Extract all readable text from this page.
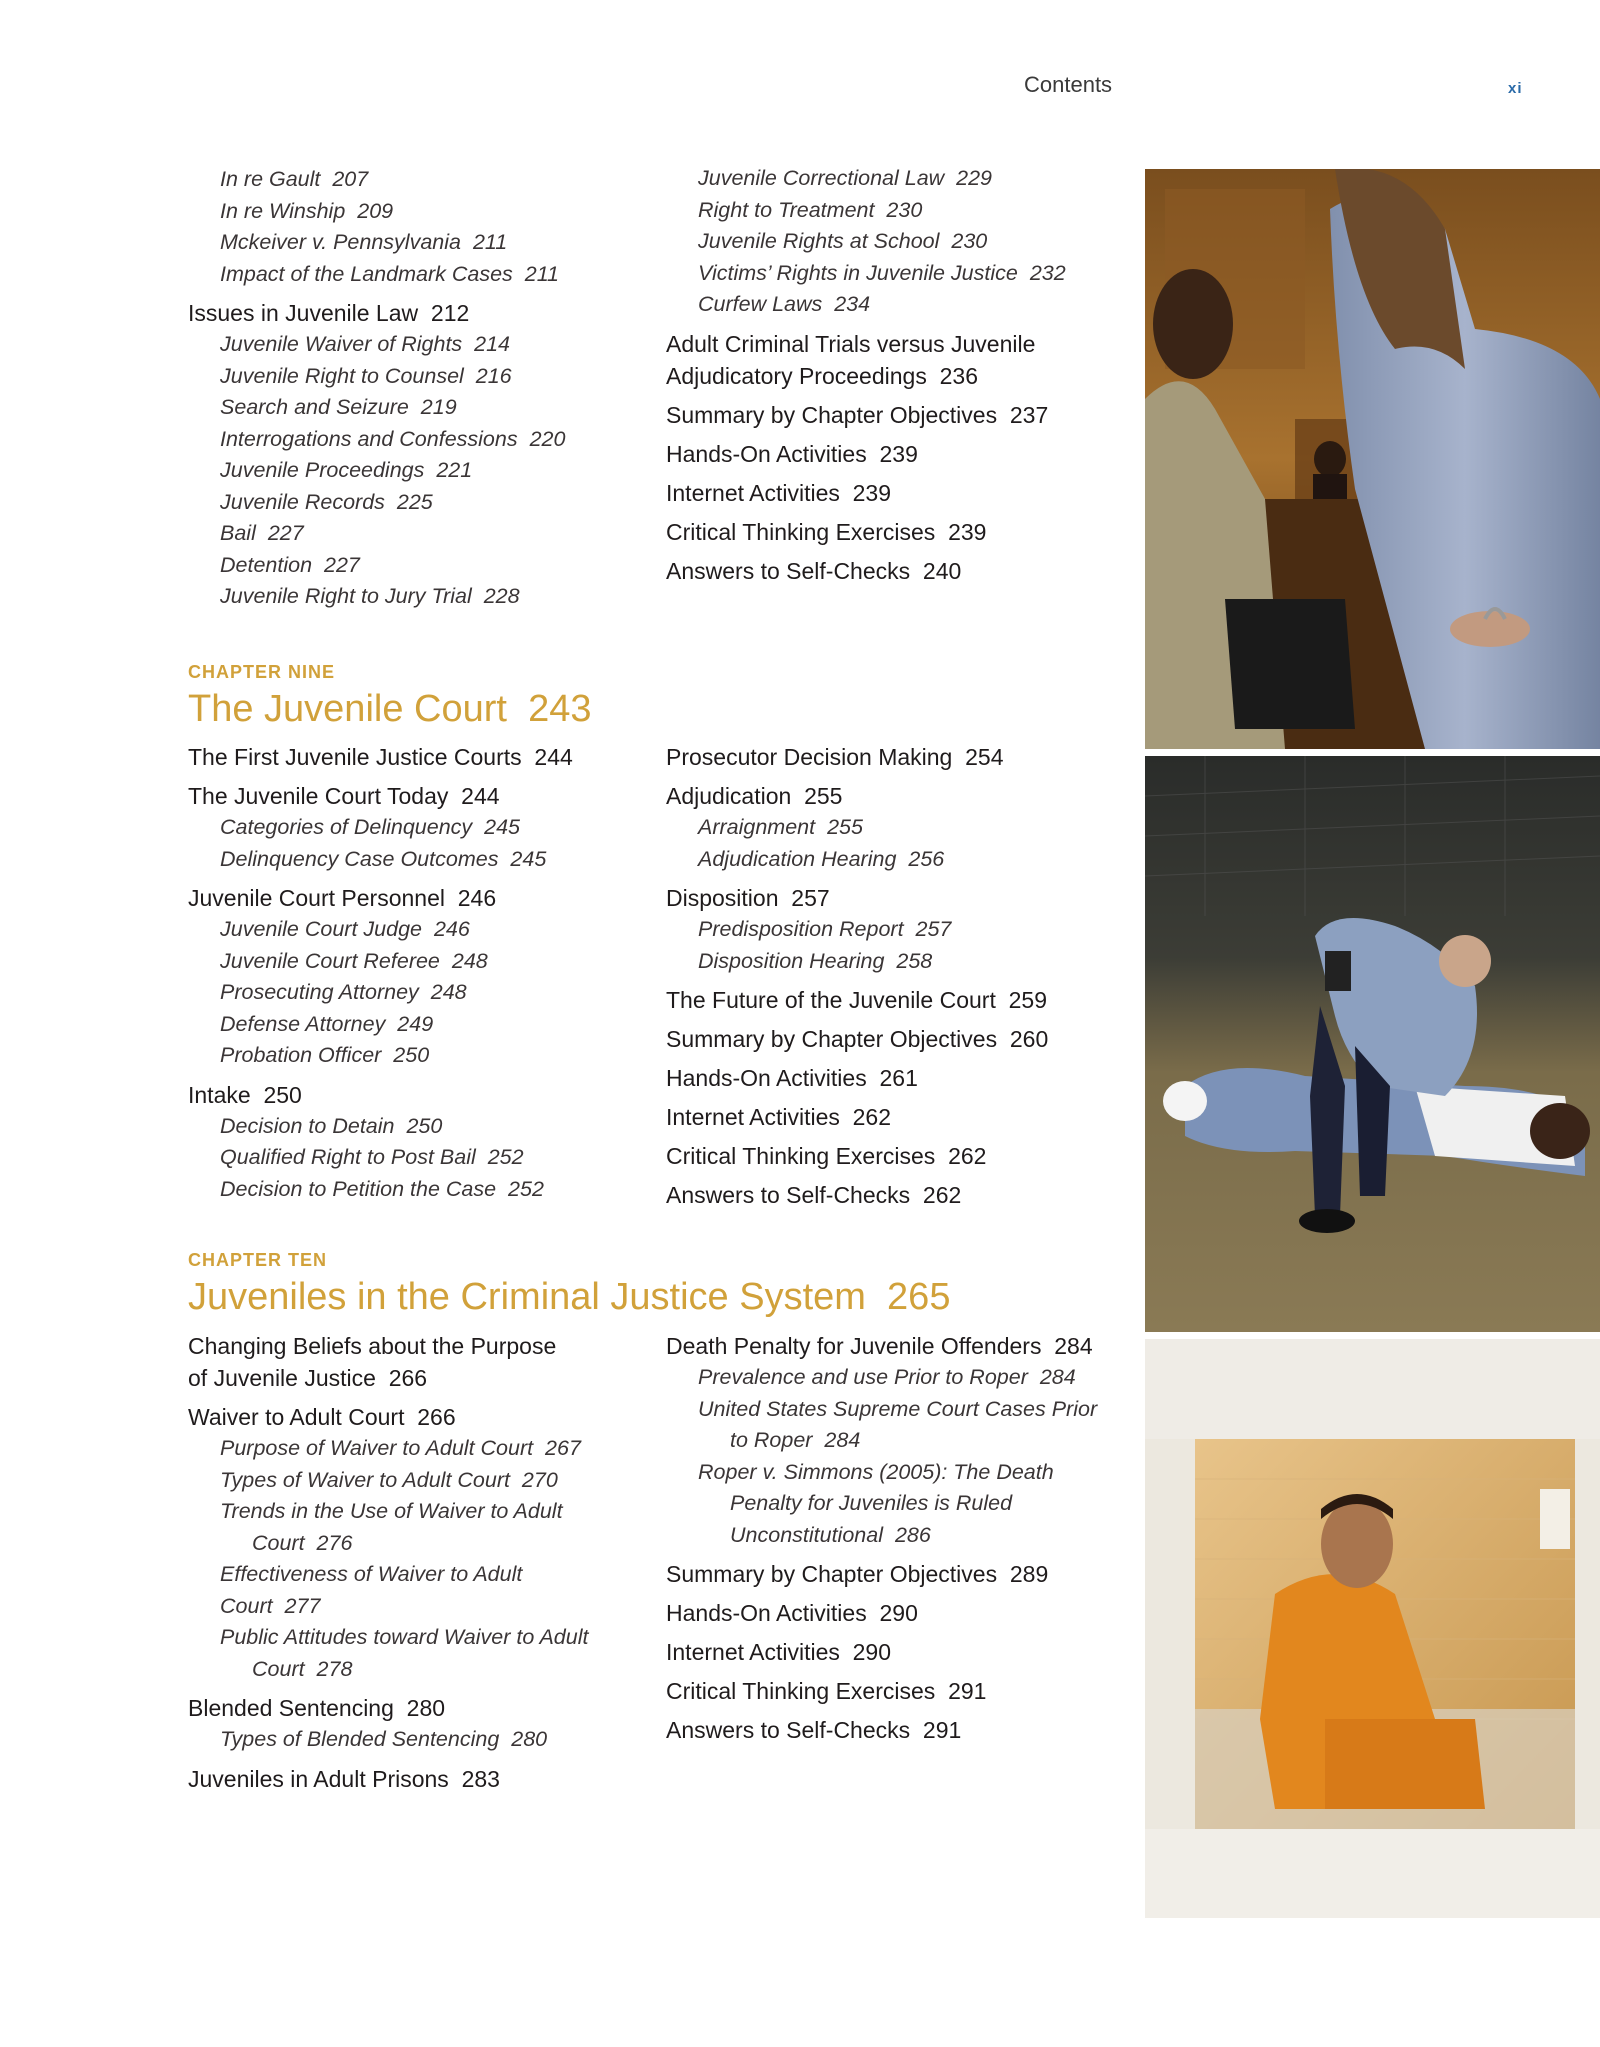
Contents	xi
In re Gault 207
In re Winship 209
Mckeiver v. Pennsylvania 211
Impact of the Landmark Cases 211
Issues in Juvenile Law 212
Juvenile Waiver of Rights 214
Juvenile Right to Counsel 216
Search and Seizure 219
Interrogations and Confessions 220
Juvenile Proceedings 221
Juvenile Records 225
Bail 227
Detention 227
Juvenile Right to Jury Trial 228
Juvenile Correctional Law 229
Right to Treatment 230
Juvenile Rights at School 230
Victims’ Rights in Juvenile Justice 232
Curfew Laws 234
Adult Criminal Trials versus Juvenile
Adjudicatory Proceedings 236
Summary by Chapter Objectives 237
Hands-On Activities 239
Internet Activities 239
Critical Thinking Exercises 239
Answers to Self-Checks 240
CHAPTER NINE
The Juvenile Court 243
The First Juvenile Justice Courts 244
The Juvenile Court Today 244
Categories of Delinquency 245
Delinquency Case Outcomes 245
Juvenile Court Personnel 246
Juvenile Court Judge 246
Juvenile Court Referee 248
Prosecuting Attorney 248
Defense Attorney 249
Probation Officer 250
Intake 250
Decision to Detain 250
Qualified Right to Post Bail 252
Decision to Petition the Case 252
Prosecutor Decision Making 254
Adjudication 255
Arraignment 255
Adjudication Hearing 256
Disposition 257
Predisposition Report 257
Disposition Hearing 258
The Future of the Juvenile Court 259
Summary by Chapter Objectives 260
Hands-On Activities 261
Internet Activities 262
Critical Thinking Exercises 262
Answers to Self-Checks 262
CHAPTER TEN
Juveniles in the Criminal Justice System 265
Changing Beliefs about the Purpose
of Juvenile Justice 266
Waiver to Adult Court 266
Purpose of Waiver to Adult Court 267
Types of Waiver to Adult Court 270
Trends in the Use of Waiver to Adult
Court 276
Effectiveness of Waiver to Adult Court 277
Public Attitudes toward Waiver to Adult
Court 278
Blended Sentencing 280
Types of Blended Sentencing 280
Juveniles in Adult Prisons 283
Death Penalty for Juvenile Offenders 284
Prevalence and use Prior to Roper 284
United States Supreme Court Cases Prior
to Roper 284
Roper v. Simmons (2005): The Death
Penalty for Juveniles is Ruled
Unconstitutional 286
Summary by Chapter Objectives 289
Hands-On Activities 290
Internet Activities 290
Critical Thinking Exercises 291
Answers to Self-Checks 291
